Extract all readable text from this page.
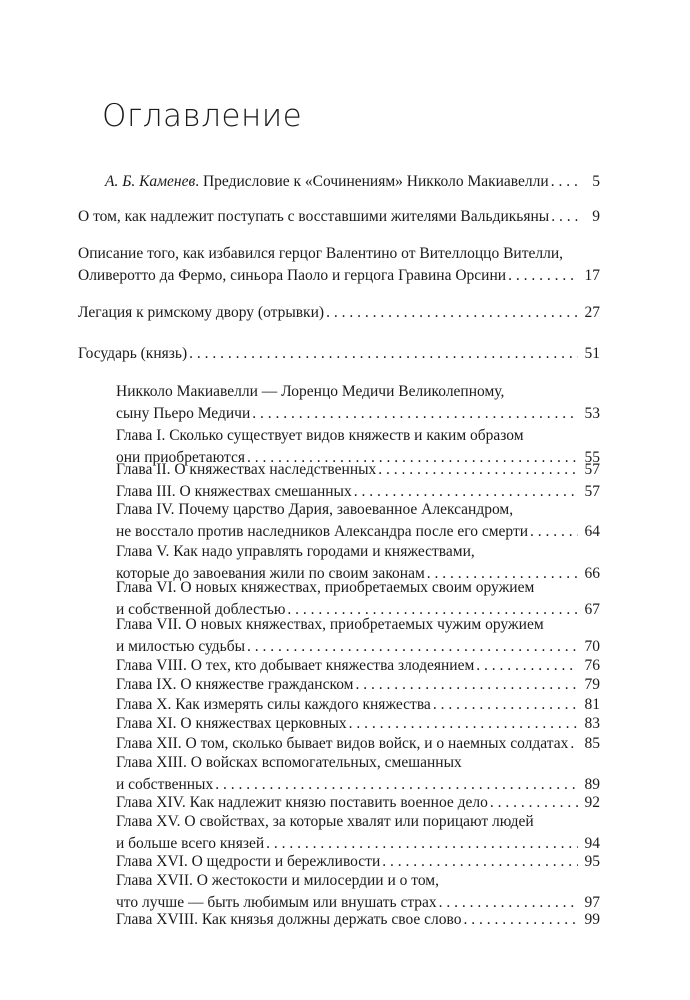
Оглавление
А. Б. Каменев. Предисловие к «Сочинениям» Никколо Макиавелли . . .	5
О том, как надлежит поступать с восставшими жителями Вальдикьяны . . .	9
Описание того, как избавился герцог Валентино от Вителлоццо Вителли,
Оливеротто да Фермо, синьора Паоло и герцога Гравина Орсини . . .	17
Легация к римскому двору (отрывки) . . .	27
Государь (князь) . . .	51
Никколо Макиавелли — Лоренцо Медичи Великолепному,
сыну Пьеро Медичи . . .	53
Глава I. Сколько существует видов княжеств и каким образом
они приобретаются . . .	55
Глава II. О княжествах наследственных . . .	57
Глава III. О княжествах смешанных . . .	57
Глава IV. Почему царство Дария, завоеванное Александром,
не восстало против наследников Александра после его смерти . . .	64
Глава V. Как надо управлять городами и княжествами,
которые до завоевания жили по своим законам . . .	66
Глава VI. О новых княжествах, приобретаемых своим оружием
и собственной доблестью . . .	67
Глава VII. О новых княжествах, приобретаемых чужим оружием
и милостью судьбы . . .	70
Глава VIII. О тех, кто добывает княжества злодеянием . . .	76
Глава IX. О княжестве гражданском . . .	79
Глава X. Как измерять силы каждого княжества . . .	81
Глава XI. О княжествах церковных . . .	83
Глава XII. О том, сколько бывает видов войск, и о наемных солдатах . . . 85
Глава XIII. О войсках вспомогательных, смешанных
и собственных . . .	89
Глава XIV. Как надлежит князю поставить военное дело . . .	92
Глава XV. О свойствах, за которые хвалят или порицают людей
и больше всего князей . . .	94
Глава XVI. О щедрости и бережливости . . .	95
Глава XVII. О жестокости и милосердии и о том,
что лучше — быть любимым или внушать страх . . .	97
Глава XVIII. Как князья должны держать свое слово . . .	99
